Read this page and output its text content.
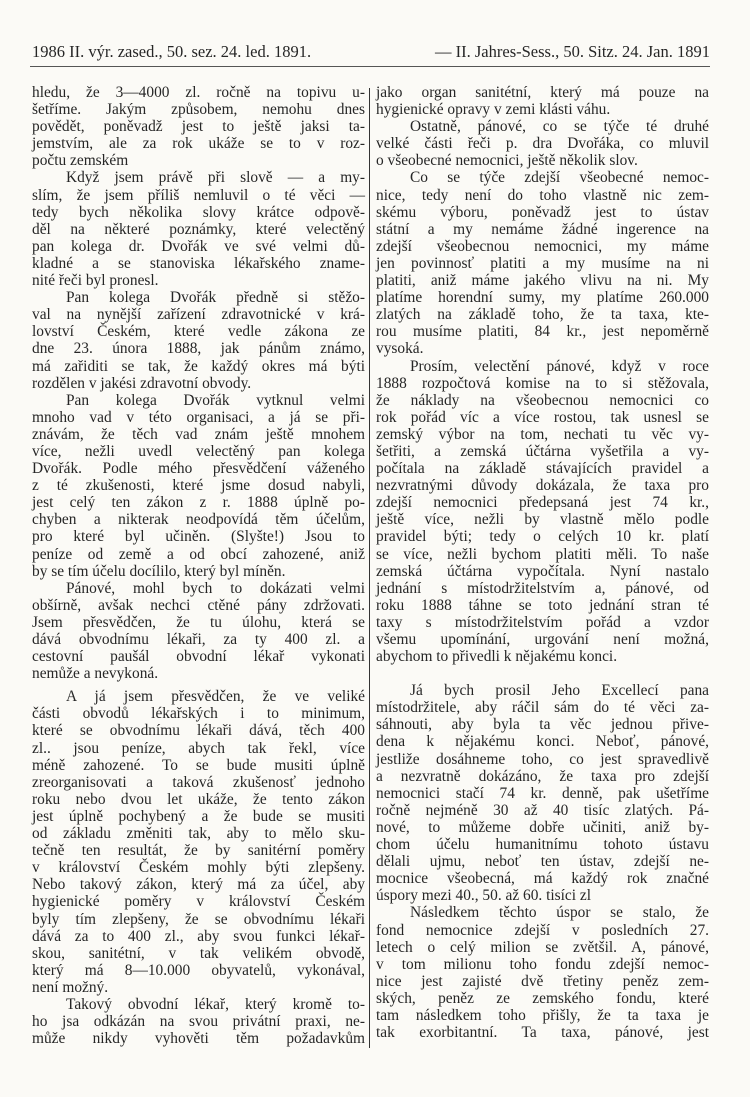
1986 II. výr. zased., 50. sez. 24. led. 1891.	— II. Jahres-Sess., 50. Sitz. 24. Jan. 1891
hledu, že 3—4000 zl. ročně na topivu u-
šetříme. Jakým způsobem, nemohu dnes
povědět, poněvadž jest to ještě jaksi ta-
jemstvím, ale za rok ukáže se to v roz-
počtu zemském
Když jsem právě při slově — a my-
slím, že jsem příliš nemluvil o té věci —
tedy bych několika slovy krátce odpově-
děl na některé poznámky, které velectěný
pan kolega dr. Dvořák ve své velmi dů-
kladné a se stanoviska lékařského zname-
nité řeči byl pronesl.
Pan kolega Dvořák předně si stěžo-
val na nynější zařízení zdravotnické v krá-
lovství Českém, které vedle zákona ze
dne 23. února 1888, jak pánům známo,
má zařiditi se tak, že každý okres má býti
rozdělen v jakési zdravotní obvody.
Pan kolega Dvořák vytknul velmi
mnoho vad v této organisaci, a já se při-
znávám, že těch vad znám ještě mnohem
více, nežli uvedl velectěný pan kolega
Dvořák. Podle mého přesvědčení váženého
z té zkušenosti, které jsme dosud nabyli,
jest celý ten zákon z r. 1888 úplně po-
chyben a nikterak neodpovídá těm účelům,
pro které byl učiněn. (Slyšte!) Jsou to
peníze od země a od obcí zahozené, aniž
by se tím účelu docílilo, který byl míněn.
Pánové, mohl bych to dokázati velmi
obšírně, avšak nechci ctěné pány zdržovati.
Jsem přesvědčen, že tu úlohu, která se
dává obvodnímu lékaři, za ty 400 zl. a
cestovní paušál obvodní lékař vykonati
nemůže a nevykoná.
A já jsem přesvědčen, že ve veliké
části obvodů lékařských i to minimum,
které se obvodnímu lékaři dává, těch 400
zl.. jsou peníze, abych tak řekl, více
méně zahozené. To se bude musiti úplně
zreorganisovati a taková zkušenosť jednoho
roku nebo dvou let ukáže, že tento zákon
jest úplně pochybený a že bude se musiti
od základu změniti tak, aby to mělo sku-
tečně ten resultát, že by sanitérní poměry
v království Českém mohly býti zlepšeny.
Nebo takový zákon, který má za účel, aby
hygienické poměry v království Českém
byly tím zlepšeny, že se obvodnímu lékaři
dává za to 400 zl., aby svou funkci lékař-
skou, sanitétní, v tak velikém obvodě,
který má 8—10.000 obyvatelů, vykonával,
není možný.
Takový obvodní lékař, který kromě to-
ho jsa odkázán na svou privátní praxi, ne-
může nikdy vyhověti těm požadavkům
jako organ sanitétní, který má pouze na
hygienické opravy v zemi klásti váhu.
Ostatně, pánové, co se týče té druhé
velké části řeči p. dra Dvořáka, co mluvil
o všeobecné nemocnici, ještě několik slov.
Co se týče zdejší všeobecné nemoc-
nice, tedy není do toho vlastně nic zem-
skému výboru, poněvadž jest to ústav
státní a my nemáme žádné ingerence na
zdejší všeobecnou nemocnici, my máme
jen povinnosť platiti a my musíme na ni
platiti, aniž máme jakého vlivu na ni. My
platíme horendní sumy, my platíme 260.000
zlatých na základě toho, že ta taxa, kte-
rou musíme platiti, 84 kr., jest nepoměrně
vysoká.
Prosím, velectění pánové, když v roce
1888 rozpočtová komise na to si stěžovala,
že náklady na všeobecnou nemocnici co
rok pořád víc a více rostou, tak usnesl se
zemský výbor na tom, nechati tu věc vy-
šetřiti, a zemská účtárna vyšetřila a vy-
počítala na základě stávajících pravidel a
nezvratnými důvody dokázala, že taxa pro
zdejší nemocnici předepsaná jest 74 kr.,
ještě více, nežli by vlastně mělo podle
pravidel býti; tedy o celých 10 kr. platí
se více, nežli bychom platiti měli. To naše
zemská účtárna vypočítala. Nyní nastalo
jednání s místodržitelstvím a, pánové, od
roku 1888 táhne se toto jednání stran té
taxy s místodržitelstvím pořád a vzdor
všemu upomínání, urgování není možná,
abychom to přivedli k nějakému konci.
Já bych prosil Jeho Excellecí pana
místodržitele, aby ráčil sám do té věci za-
sáhnouti, aby byla ta věc jednou přive-
dena k nějakému konci. Neboť, pánové,
jestliže dosáhneme toho, co jest spravedlivě
a nezvratně dokázáno, že taxa pro zdejší
nemocnici stačí 74 kr. denně, pak ušetříme
ročně nejméně 30 až 40 tisíc zlatých. Pá-
nové, to můžeme dobře učiniti, aniž by-
chom účelu humanitnímu tohoto ústavu
dělali ujmu, neboť ten ústav, zdejší ne-
mocnice všeobecná, má každý rok značné
úspory mezi 40., 50. až 60. tisíci zl
Následkem těchto úspor se stalo, že
fond nemocnice zdejší v posledních 27.
letech o celý milion se zvětšil. A, pánové,
v tom milionu toho fondu zdejší nemoc-
nice jest zajisté dvě třetiny peněz zem-
ských, peněz ze zemského fondu, které
tam následkem toho přišly, že ta taxa je
tak exorbitantní. Ta taxa, pánové, jest
